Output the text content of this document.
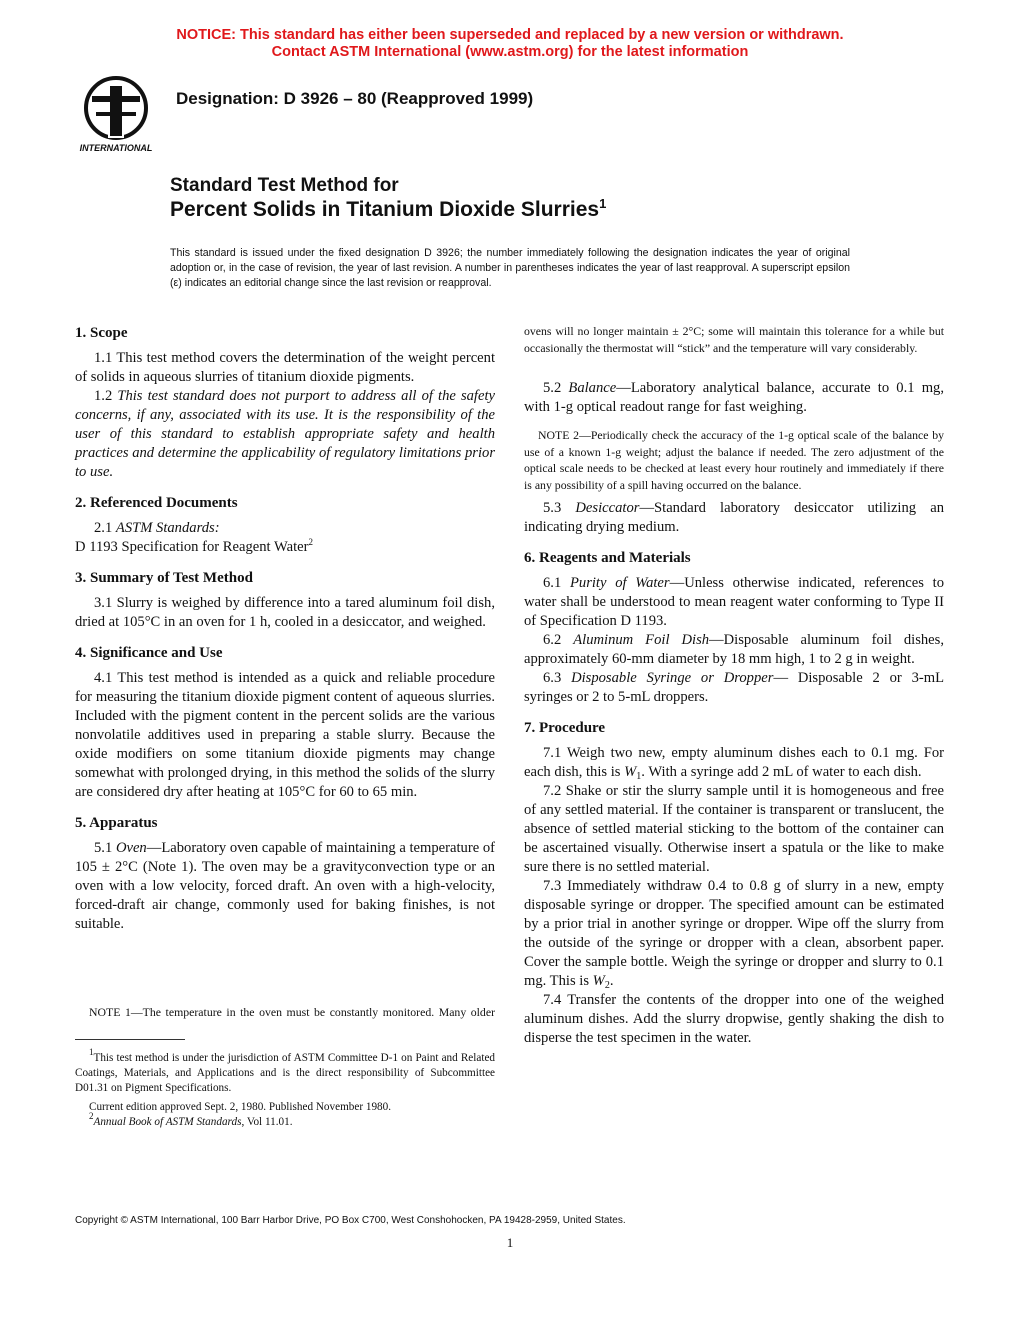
NOTICE: This standard has either been superseded and replaced by a new version or withdrawn.
Contact ASTM International (www.astm.org) for the latest information
INTERNATIONAL
Designation: D 3926 – 80 (Reapproved 1999)
Standard Test Method for
Percent Solids in Titanium Dioxide Slurries$^1$
This standard is issued under the fixed designation D 3926; the number immediately following the designation indicates the year of original adoption or, in the case of revision, the year of last revision. A number in parentheses indicates the year of last reapproval. A superscript epsilon (ε) indicates an editorial change since the last revision or reapproval.
1. Scope

1.1 This test method covers the determination of the weight percent of solids in aqueous slurries of titanium dioxide pigments.

1.2 This test standard does not purport to address all of the safety concerns, if any, associated with its use. It is the responsibility of the user of this standard to establish appropriate safety and health practices and determine the applicability of regulatory limitations prior to use.

2. Referenced Documents

2.1 ASTM Standards:

D 1193 Specification for Reagent Water$^2$

3. Summary of Test Method

3.1 Slurry is weighed by difference into a tared aluminum foil dish, dried at 105°C in an oven for 1 h, cooled in a desiccator, and weighed.

4. Significance and Use

4.1 This test method is intended as a quick and reliable procedure for measuring the titanium dioxide pigment content of aqueous slurries. Included with the pigment content in the percent solids are the various nonvolatile additives used in preparing a stable slurry. Because the oxide modifiers on some titanium dioxide pigments may change somewhat with prolonged drying, in this method the solids of the slurry are considered dry after heating at 105°C for 60 to 65 min.

5. Apparatus

5.1 Oven—Laboratory oven capable of maintaining a temperature of 105 ± 2°C (Note 1). The oven may be a gravityconvection type or an oven with a low velocity, forced draft. An oven with a high-velocity, forced-draft air change, commonly used for baking finishes, is not suitable.

NOTE 1—The temperature in the oven must be constantly monitored. Many older
$^1$This test method is under the jurisdiction of ASTM Committee D-1 on Paint and Related Coatings, Materials, and Applications and is the direct responsibility of Subcommittee D01.31 on Pigment Specifications.
Current edition approved Sept. 2, 1980. Published November 1980.
$^2$Annual Book of ASTM Standards, Vol 11.01.
ovens will no longer maintain ± 2°C; some will maintain this tolerance for a while but occasionally the thermostat will “stick” and the temperature will vary considerably.

5.2 Balance—Laboratory analytical balance, accurate to 0.1 mg, with 1-g optical readout range for fast weighing.

NOTE 2—Periodically check the accuracy of the 1-g optical scale of the balance by use of a known 1-g weight; adjust the balance if needed. The zero adjustment of the optical scale needs to be checked at least every hour routinely and immediately if there is any possibility of a spill having occurred on the balance.

5.3 Desiccator—Standard laboratory desiccator utilizing an indicating drying medium.

6. Reagents and Materials

6.1 Purity of Water—Unless otherwise indicated, references to water shall be understood to mean reagent water conforming to Type II of Specification D 1193.

6.2 Aluminum Foil Dish—Disposable aluminum foil dishes, approximately 60-mm diameter by 18 mm high, 1 to 2 g in weight.

6.3 Disposable Syringe or Dropper— Disposable 2 or 3-mL syringes or 2 to 5-mL droppers.

7. Procedure

7.1 Weigh two new, empty aluminum dishes each to 0.1 mg. For each dish, this is $W_1$. With a syringe add 2 mL of water to each dish.

7.2 Shake or stir the slurry sample until it is homogeneous and free of any settled material. If the container is transparent or translucent, the absence of settled material sticking to the bottom of the container can be ascertained visually. Otherwise insert a spatula or the like to make sure there is no settled material.

7.3 Immediately withdraw 0.4 to 0.8 g of slurry in a new, empty disposable syringe or dropper. The specified amount can be estimated by a prior trial in another syringe or dropper. Wipe off the slurry from the outside of the syringe or dropper with a clean, absorbent paper. Cover the sample bottle. Weigh the syringe or dropper and slurry to 0.1 mg. This is $W_2$.

7.4 Transfer the contents of the dropper into one of the weighed aluminum dishes. Add the slurry dropwise, gently shaking the dish to disperse the test specimen in the water.

Copyright © ASTM International, 100 Barr Harbor Drive, PO Box C700, West Conshohocken, PA 19428-2959, United States.
1
